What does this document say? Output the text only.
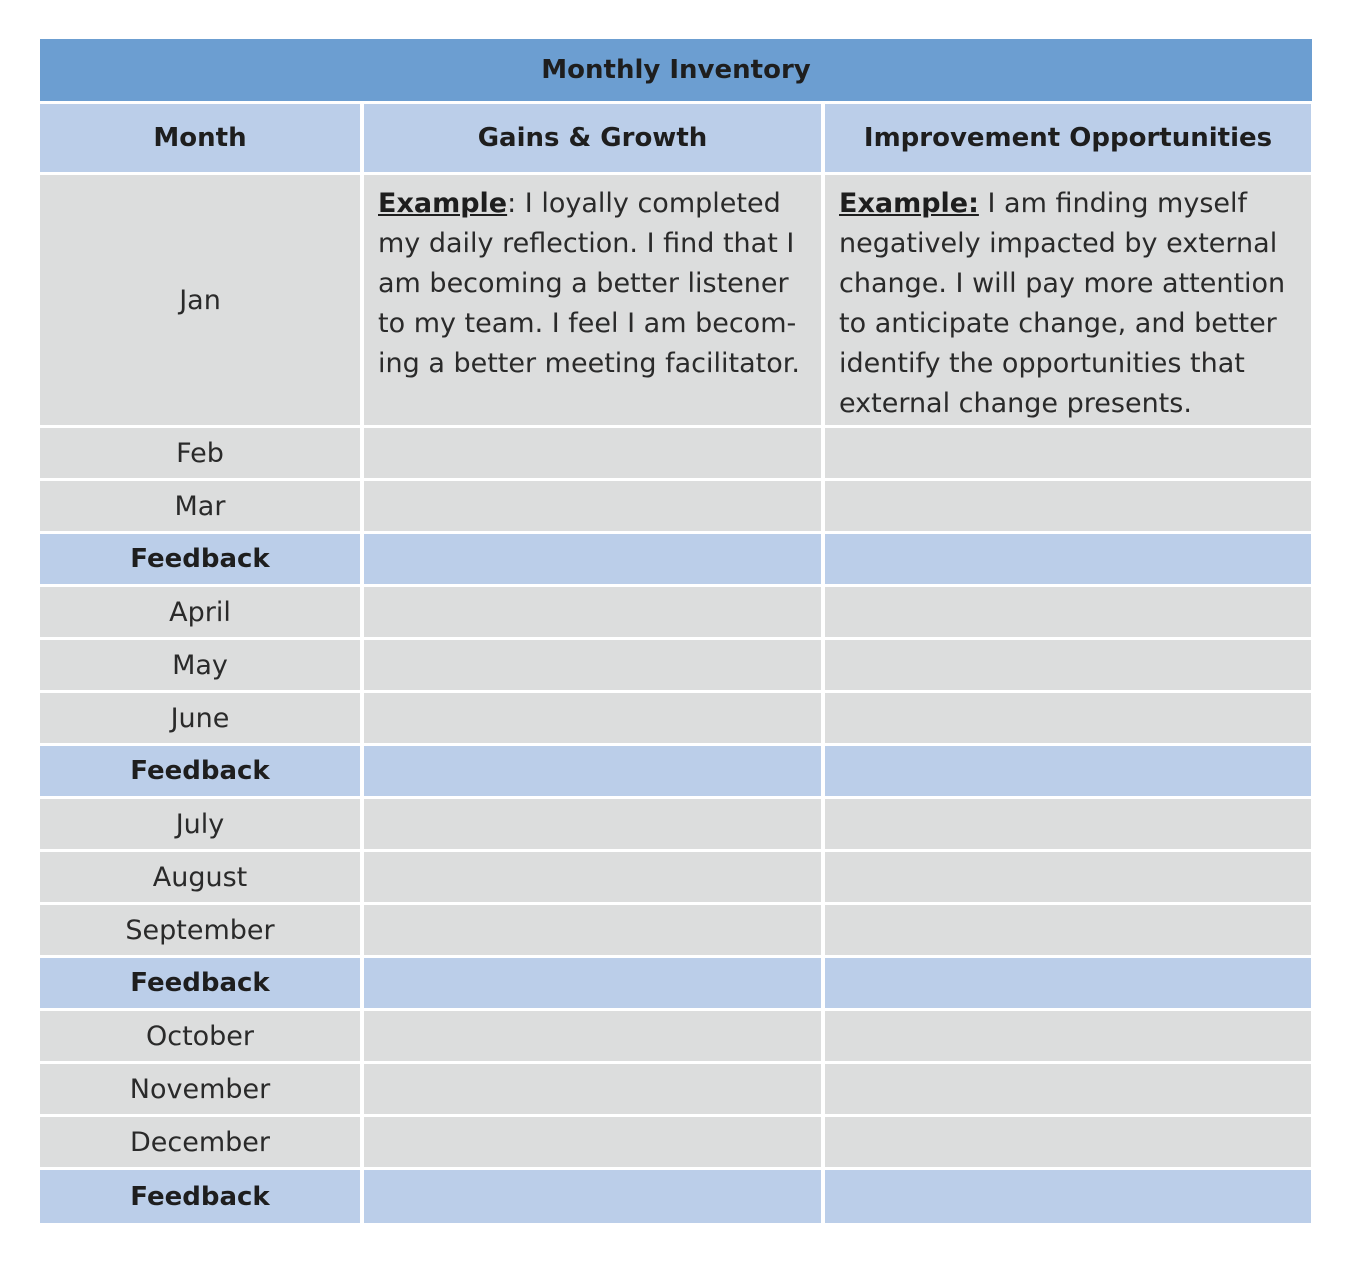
Monthly Inventory
Month	Gains & Growth	Improvement Opportunities
Jan

Example: I loyally completed my daily reflection. I find that I am becoming a better listener to my team. I feel I am becom-ing a better meeting facilitator.

Example: I am finding myself negatively impacted by external change. I will pay more attention to anticipate change, and better identify the opportunities that external change presents.

Feb
Mar
Feedback
April
May
June
Feedback
July
August
September
Feedback
October
November
December
Feedback
